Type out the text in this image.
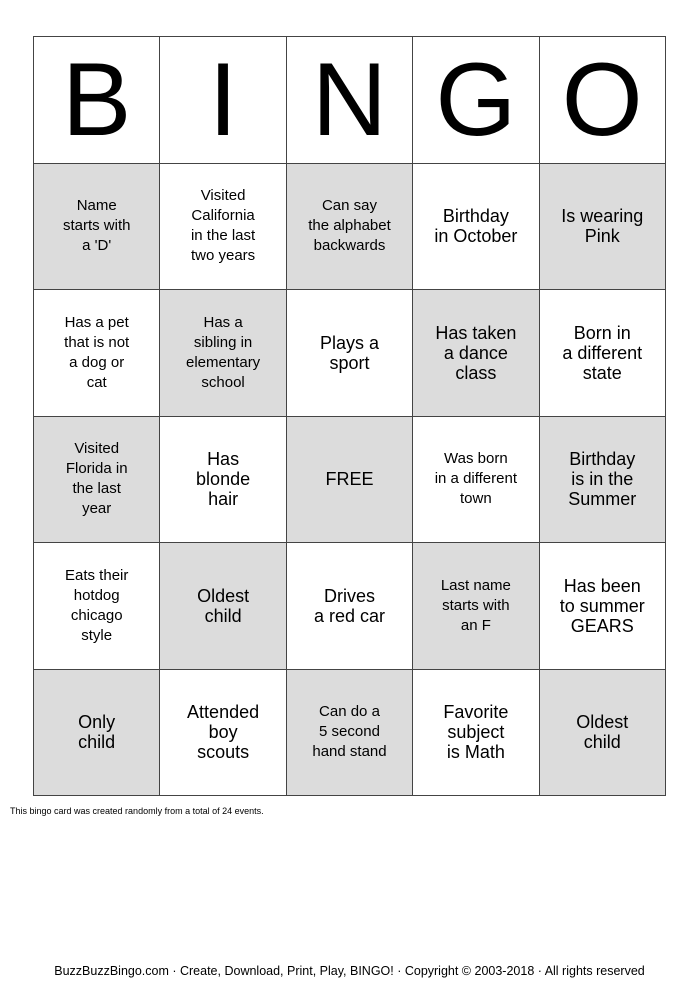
B I N G O
Name
starts with
a 'D'
Visited
California
in the last
two years
Can say
the alphabet
backwards
Birthday
in October
Is wearing
Pink
Has a pet
that is not
a dog or
cat
Has a
sibling in
elementary
school
Plays a
sport
Has taken
a dance
class
Born in
a different
state
Visited
Florida in
the last
year
Has
blonde
hair
FREE
Was born
in a different
town
Birthday
is in the
Summer
Eats their
hotdog
chicago
style
Oldest
child
Drives
a red car
Last name
starts with
an F
Has been
to summer
GEARS
Only
child
Attended
boy
scouts
Can do a
5 second
hand stand
Favorite
subject
is Math
Oldest
child
This bingo card was created randomly from a total of 24 events.
BuzzBuzzBingo.com · Create, Download, Print, Play, BINGO! · Copyright © 2003-2018 · All rights reserved
